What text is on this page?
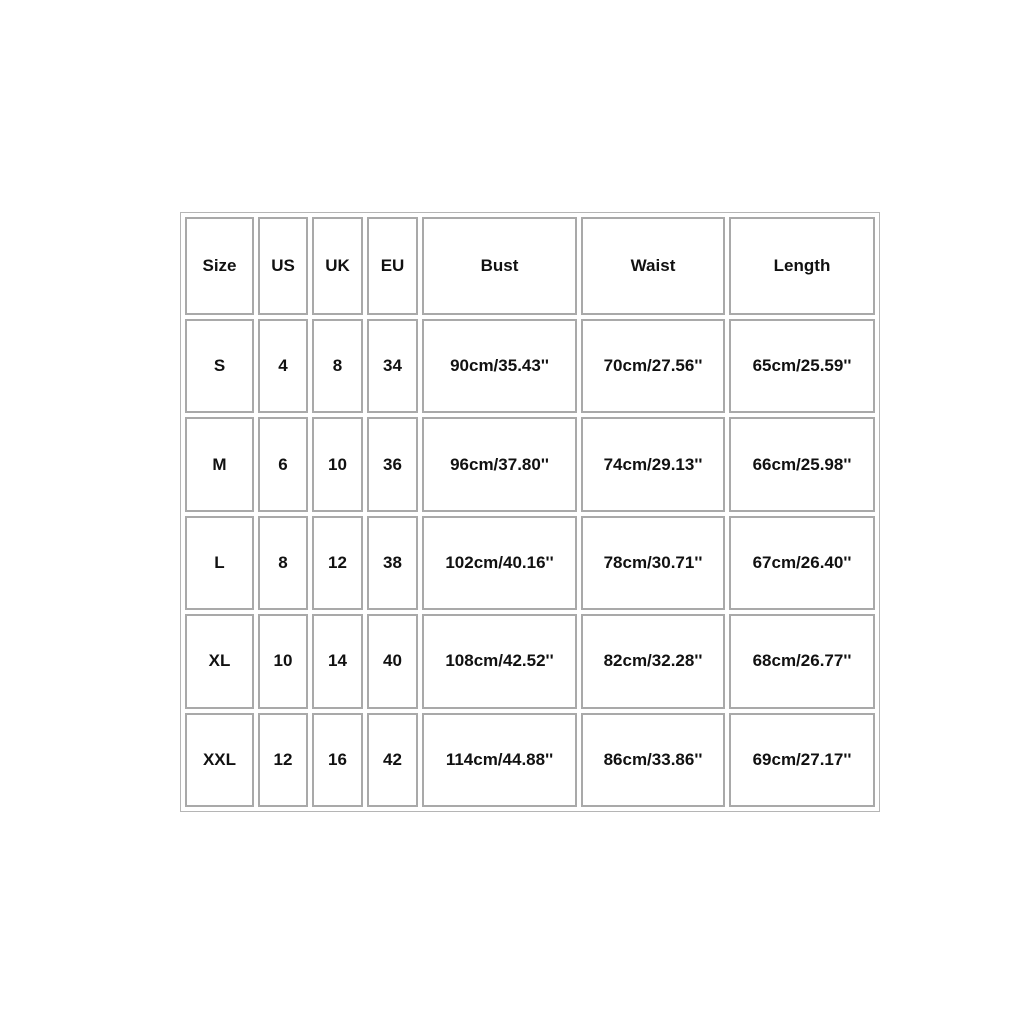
Size	US	UK	EU	Bust	Waist	Length
S	4	8	34	90cm/35.43''	70cm/27.56''	65cm/25.59''
M	6	10	36	96cm/37.80''	74cm/29.13''	66cm/25.98''
L	8	12	38	102cm/40.16''	78cm/30.71''	67cm/26.40''
XL	10	14	40	108cm/42.52''	82cm/32.28''	68cm/26.77''
XXL	12	16	42	114cm/44.88''	86cm/33.86''	69cm/27.17''
